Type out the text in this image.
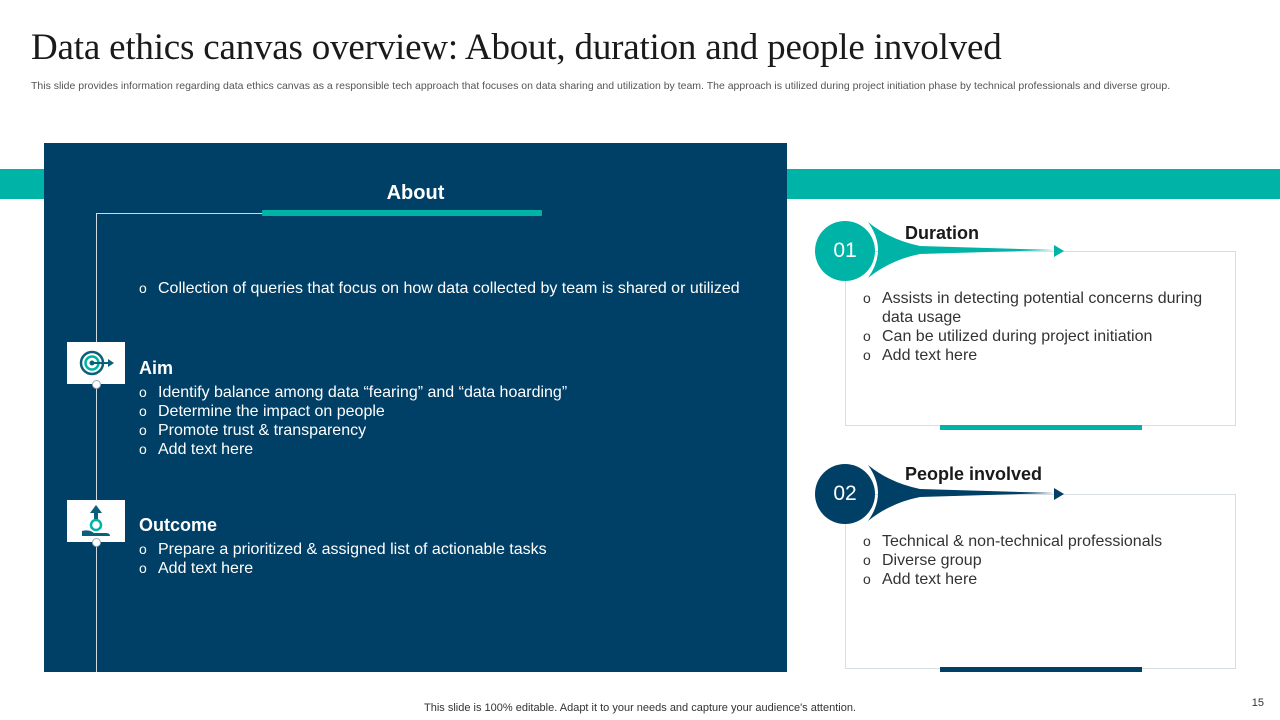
Data ethics canvas overview: About, duration and people involved
This slide provides information regarding data ethics canvas as a responsible tech approach that focuses on data sharing and utilization by team. The approach is utilized during project initiation phase by technical professionals and diverse group.
About
o Collection of queries that focus on how data collected by team is shared or utilized
Aim
o Identify balance among data “fearing” and “data hoarding”
o Determine the impact on people
o Promote trust & transparency
o Add text here
Outcome
o Prepare a prioritized & assigned list of actionable tasks
o Add text here
01
Duration
o Assists in detecting potential concerns during data usage
o Can be utilized during project initiation
o Add text here
02
People involved
o Technical & non-technical professionals
o Diverse group
o Add text here
This slide is 100% editable. Adapt it to your needs and capture your audience's attention.	15
